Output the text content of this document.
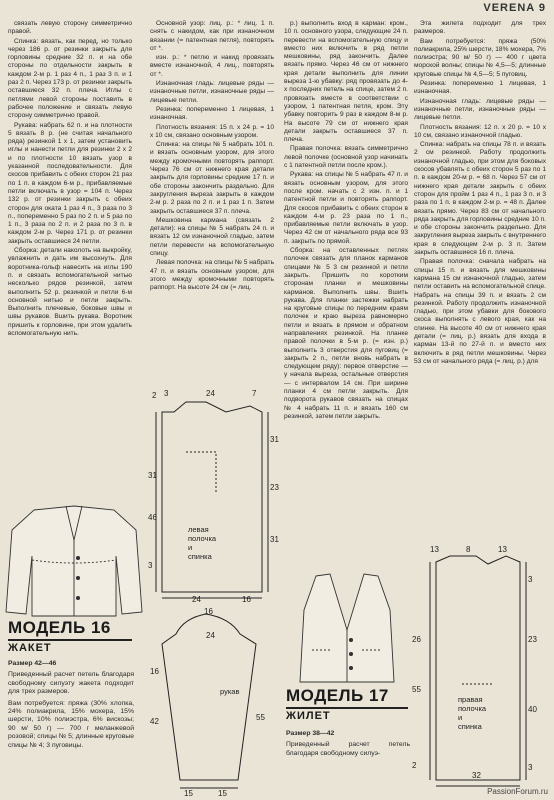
VERENA 9

связать левую сторону симметрично правой.

Спинка: вязать, как перед, но только через 186 р. от резинки закрыть для горловины средние 32 п. и на обе стороны по отдельности закрыть в каждом 2-м р. 1 раз 4 п., 1 раз 3 п. и 1 раз 2 п. Через 173 р. от резинки закрыть оставшиеся 32 п. плеча. Иглы с петлями левой стороны поставить в рабочее положение и связать левую сторону симметрично правой.

Рукава: набрать 62 п. и на плотности 5 вязать 8 р. (не считая начального ряда) резинкой 1 х 1, затем установить иглы и нанести петли для резинки 2 х 2 и по плотности 10 вязать узор в указанной последовательности. Для скосов прибавить с обеих сторон 21 раз по 1 п. в каждом 6-м р., прибавляемые петли включать в узор = 104 п. Через 132 р. от резинки закрыть с обеих сторон для оката 1 раз 4 п., 3 раза по 3 п., попеременно 5 раз по 2 п. и 5 раз по 1 п., 3 раза по 2 п. и 2 раза по 3 п. в каждом 2-м р. Через 171 р. от резинки закрыть оставшиеся 24 петли.

Сборка: детали наколоть на выкройку, увлажнить и дать им высохнуть. Для воротника-гольф навесить на иглы 190 п. и связать вспомогательной нитью несколько рядов резинкой, затем выполнить 52 р. резинкой и петли 6-м основной нитью и петли закрыть. Выполнить плечевые, боковые швы и швы рукавов. Вшить рукава. Воротник пришить к горловине, при этом удалить вспомогательную нить.

Основной узор: лиц. р.: * лиц. 1 п. снять с накидом, как при изнаночном вязании (= патентная петля), повторять от *.

изн. р.: * петлю и накид провязать вместе изнаночной, 4 лиц., повторять от *.

Изнаночная гладь: лицевые ряды — изнаночные петли, изнаночные ряды — лицевые петли.

Резинка: попеременно 1 лицевая, 1 изнаночная.

Плотность вязания: 15 п. х 24 р. = 10 х 10 см, связано основным узором.

Спинка: на спицы № 5 набрать 101 п. и вязать основным узором, для этого между кромочными повторять раппорт. Через 76 см от нижнего края детали закрыть для горловины средние 17 п. и обе стороны закончить раздельно. Для закругления выреза закрыть в каждом 2-м р. 2 раза по 2 п. и 1 раз 1 п. Затем закрыть оставшиеся 37 п. плеча.

Мешковина кармана (связать 2 детали): на спицы № 5 набрать 24 п. и вязать 12 см изнаночной гладью, затем петли перевести на вспомогательную спицу.

Левая полочка: на спицы № 5 набрать 47 п. и вязать основным узором, для этого между кромочными повторять раппорт. На высоте 24 см (= лиц.

р.) выполнить вход в карман: кром., 10 п. основного узора, следующие 24 п. перевести на вспомогательную спицу и вместо них включить в ряд петли мешковины, ряд закончить. Далее вязать прямо. Через 46 см от нижнего края детали выполнить для линии выреза 1-ю убавку: ряд провязать до 4-х последних петель на спице, затем 2 п. провязать вместе в соответствии с узором, 1 патентная петля, кром. Эту убавку повторить 9 раз в каждом 8-м р. На высоте 79 см от нижнего края детали закрыть оставшиеся 37 п. плеча.

Правая полочка: вязать симметрично левой полочке (основной узор начинать с 1 патентной петли после кром.).

Рукава: на спицы № 5 набрать 47 п. и вязать основным узором, для этого после кром. начать с 2 изн. п. и 1 патентной петли и повторять раппорт. Для скосов прибавить с обеих сторон в каждом 4-м р. 23 раза по 1 п., прибавляемые петли включать в узор. Через 42 см от начального ряда все 93 п. закрыть по прямой.

Сборка: на оставленных петлях полочек связать для планок карманов спицами № 5 3 см резинкой и петли закрыть. Пришить по коротким сторонам планки и мешковины карманов. Выполнить швы. Вшить рукава. Для планки застежки набрать на круговые спицы по передним краям полочек и краю выреза равномерно петли и вязать в прямом и обратном направлениях резинкой. На планке правой полочки в 5-м р. (= изн. р.) выполнить 3 отверстия для пуговиц (= закрыть 2 п., петли вновь набрать в следующем ряду): первое отверстие — у начала выреза, остальные отверстия — с интервалом 14 см. При ширине планки 4 см петли закрыть. Для подворота рукавов связать на спицах № 4 набрать 11 п. и вязать 160 см резинкой, затем петли закрыть.

Эта жилета подходит для трех размеров.

Вам потребуется: пряжа (50% полиакрила, 25% шерсти, 18% мохера, 7% полиэстра; 90 м/ 50 г) — 400 г цвета морской волны; спицы № 4,5—5; длинные круговые спицы № 4,5—5; 5 пуговиц.

Резинка: попеременно 1 лицевая, 1 изнаночная.

Изнаночная гладь: лицевые ряды — изнаночные петли, изнаночные ряды — лицевые петли.

Плотность вязания: 12 п. х 20 р. = 10 х 10 см, связано изнаночной гладью.

Спинка: набрать на спицы 78 п. и вязать 2 см резинкой. Работу продолжить изнаночной гладью, при этом для боковых скосов убавлять с обеих сторон 5 раз по 1 п. в каждом 20-м р. = 68 п. Через 57 см от нижнего края детали закрыть с обеих сторон для пройм 1 раз 4 п., 1 раз 3 п. и 3 раза по 1 п. в каждом 2-м р. = 48 п. Далее вязать прямо. Через 83 см от начального ряда закрыть для горловины средние 10 п. и обе стороны закончить раздельно. Для закругления выреза закрыть с внутреннего края в следующем 2-м р. 3 п. Затем закрыть оставшиеся 16 п. плеча.

Правая полочка: сначала набрать на спицы 15 п. и вязать для мешковины кармана 15 см изнаночной гладью, затем петли оставить на вспомогательной спице. Набрать на спицы 39 п. и вязать 2 см резинкой. Работу продолжить изнаночной гладью, при этом убавки для бокового скоса выполнять с левого края, как на спинке. На высоте 40 см от нижнего края детали (= лиц. р.) вязать для входа в карман 13-й по 27-й п. и вместо них включить в ряд петли мешковины. Через 53 см от начального ряда (= лиц. р.) для

МОДЕЛЬ 16
ЖАКЕТ

Размер 42—46

Приведенный расчет петель благодаря свободному силуэту жакета подходит для трех размеров.

Вам потребуется: пряжа (30% хлопка, 24% полиакрила, 15% мохера, 15% шерсти, 10% полиэстра, 6% вискозы; 90 м/ 50 г) — 700 г меланжевой розовой; спицы № 5; длинные круговые спицы № 4; 3 пуговицы.

2 3	24	7
31
23
31
31
46
3
24	16
левая
полочка
и
спинка
16
24
16
42	55
15	15
рукав	МОДЕЛЬ 17
ЖИЛЕТ

Размер 38—42

Приведенный расчет петель благодаря свободному силуэ-

13	8	13
3
23
40
3
26
55
2
32
правая
полочка
и
спинка
PassionForum.ru
